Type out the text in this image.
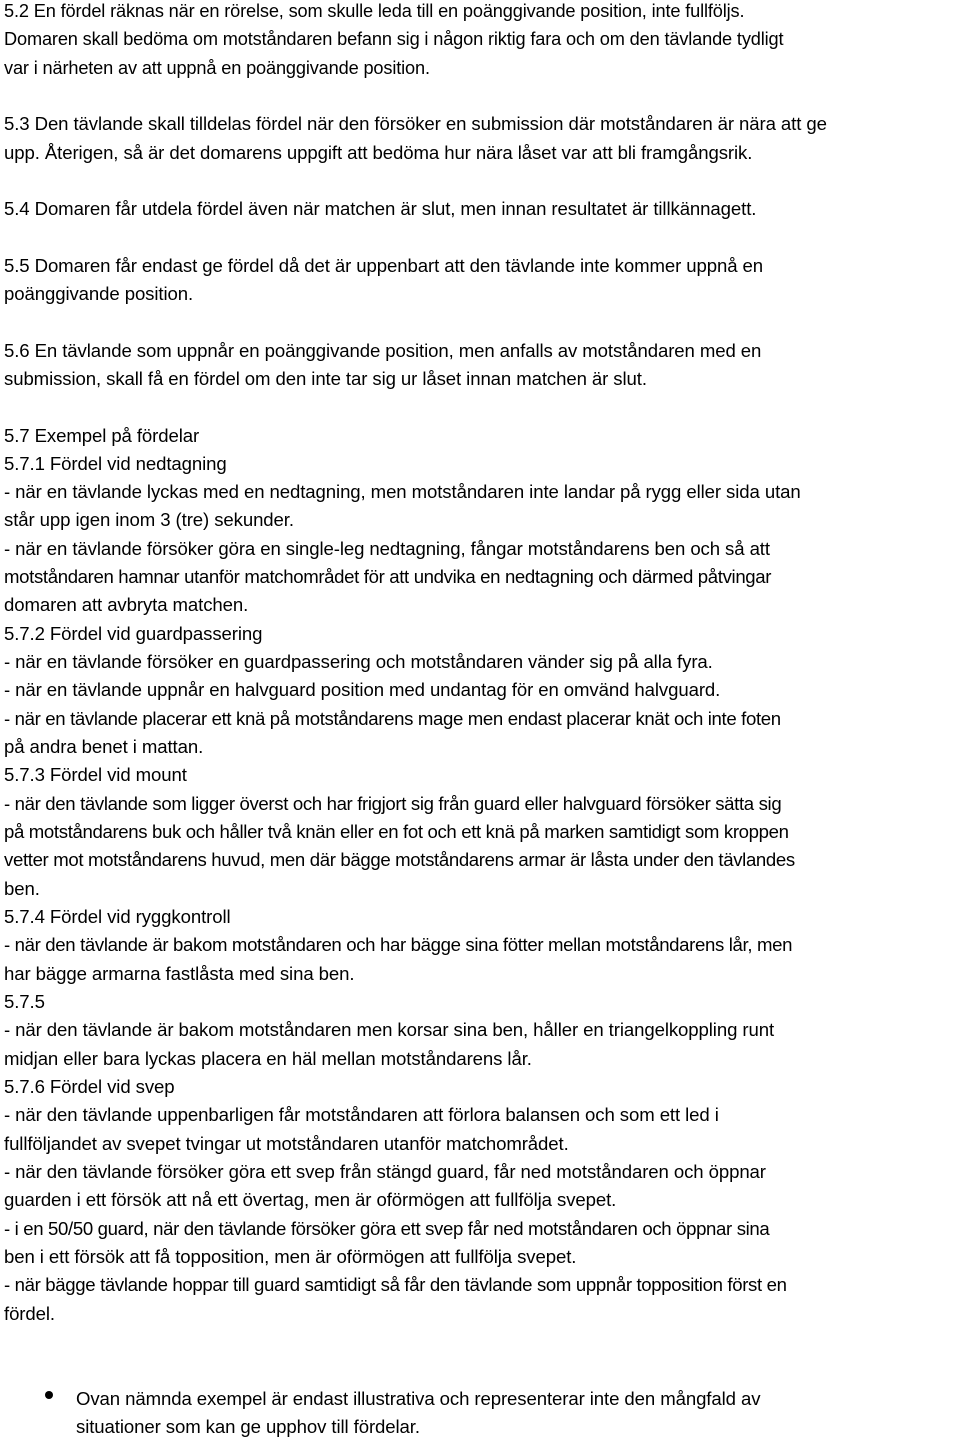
5.2 En fördel räknas när en rörelse, som skulle leda till en poänggivande position, inte fullföljs.
Domaren skall bedöma om motståndaren befann sig i någon riktig fara och om den tävlande tydligt
var i närheten av att uppnå en poänggivande position.
5.3 Den tävlande skall tilldelas fördel när den försöker en submission där motståndaren är nära att ge
upp. Återigen, så är det domarens uppgift att bedöma hur nära låset var att bli framgångsrik.
5.4 Domaren får utdela fördel även när matchen är slut, men innan resultatet är tillkännagett.
5.5 Domaren får endast ge fördel då det är uppenbart att den tävlande inte kommer uppnå en
poänggivande position.
5.6 En tävlande som uppnår en poänggivande position, men anfalls av motståndaren med en
submission, skall få en fördel om den inte tar sig ur låset innan matchen är slut.
5.7 Exempel på fördelar
5.7.1 Fördel vid nedtagning
- när en tävlande lyckas med en nedtagning, men motståndaren inte landar på rygg eller sida utan
står upp igen inom 3 (tre) sekunder.
- när en tävlande försöker göra en single-leg nedtagning, fångar motståndarens ben och så att
motståndaren hamnar utanför matchområdet för att undvika en nedtagning och därmed påtvingar
domaren att avbryta matchen.
5.7.2 Fördel vid guardpassering
- när en tävlande försöker en guardpassering och motståndaren vänder sig på alla fyra.
- när en tävlande uppnår en halvguard position med undantag för en omvänd halvguard.
- när en tävlande placerar ett knä på motståndarens mage men endast placerar knät och inte foten
på andra benet i mattan.
5.7.3 Fördel vid mount
- när den tävlande som ligger överst och har frigjort sig från guard eller halvguard försöker sätta sig
på motståndarens buk och håller två knän eller en fot och ett knä på marken samtidigt som kroppen
vetter mot motståndarens huvud, men där bägge motståndarens armar är låsta under den tävlandes
ben.
5.7.4 Fördel vid ryggkontroll
- när den tävlande är bakom motståndaren och har bägge sina fötter mellan motståndarens lår, men
har bägge armarna fastlåsta med sina ben.
5.7.5
- när den tävlande är bakom motståndaren men korsar sina ben, håller en triangelkoppling runt
midjan eller bara lyckas placera en häl mellan motståndarens lår.
5.7.6 Fördel vid svep
- när den tävlande uppenbarligen får motståndaren att förlora balansen och som ett led i
fullföljandet av svepet tvingar ut motståndaren utanför matchområdet.
- när den tävlande försöker göra ett svep från stängd guard, får ned motståndaren och öppnar
guarden i ett försök att nå ett övertag, men är oförmögen att fullfölja svepet.
- i en 50/50 guard, när den tävlande försöker göra ett svep får ned motståndaren och öppnar sina
ben i ett försök att få topposition, men är oförmögen att fullfölja svepet.
- när bägge tävlande hoppar till guard samtidigt så får den tävlande som uppnår topposition först en
fördel.
Ovan nämnda exempel är endast illustrativa och representerar inte den mångfald av
situationer som kan ge upphov till fördelar.
